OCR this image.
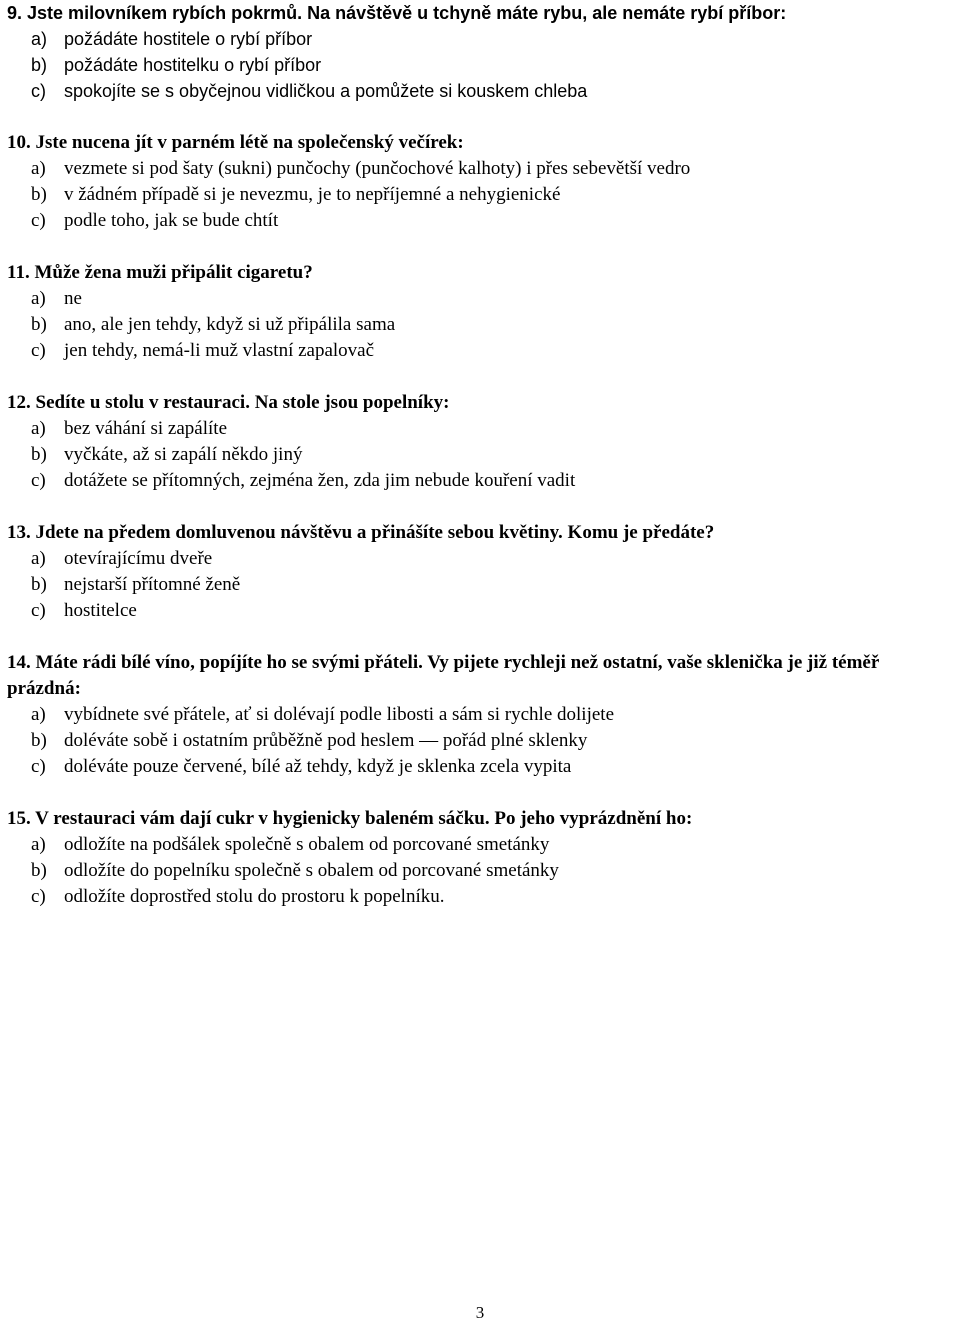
9. Jste milovníkem rybích pokrmů. Na návštěvě u tchyně máte rybu, ale nemáte rybí příbor:

a) požádáte hostitele o rybí příbor
b) požádáte hostitelku o rybí příbor
c)	spokojíte se s obyčejnou vidličkou a pomůžete si kouskem chleba

10. Jste nucena jít v parném létě na společenský večírek:

a) vezmete si pod šaty (sukni) punčochy (punčochové kalhoty) i přes sebevětší vedro
b) v žádném případě si je nevezmu, je to nepříjemné a nehygienické
c) podle toho, jak se bude chtít

11. Může žena muži připálit cigaretu?

a) ne
b) ano, ale jen tehdy, když si už připálila sama
c) jen tehdy, nemá-li muž vlastní zapalovač

12. Sedíte u stolu v restauraci. Na stole jsou popelníky:

a) bez váhání si zapálíte
b) vyčkáte, až si zapálí někdo jiný
c) dotážete se přítomných, zejména žen, zda jim nebude kouření vadit

13. Jdete na předem domluvenou návštěvu a přinášíte sebou květiny. Komu je předáte?

a) otevírajícímu dveře
b) nejstarší přítomné ženě
c) hostitelce

14. Máte rádi bílé víno, popíjíte ho se svými přáteli. Vy pijete rychleji než ostatní, vaše sklenička je již téměř prázdná:

a) vybídnete své přátele, ať si dolévají podle libosti a sám si rychle dolijete
b) doléváte sobě i ostatním průběžně pod heslem — pořád plné sklenky
c) doléváte pouze červené, bílé až tehdy, když je sklenka zcela vypita

15. V restauraci vám dají cukr v hygienicky baleném sáčku. Po jeho vyprázdnění ho:

a) odložíte na podšálek společně s obalem od porcované smetánky
b) odložíte do popelníku společně s obalem od porcované smetánky
c) odložíte doprostřed stolu do prostoru k popelníku.
3
